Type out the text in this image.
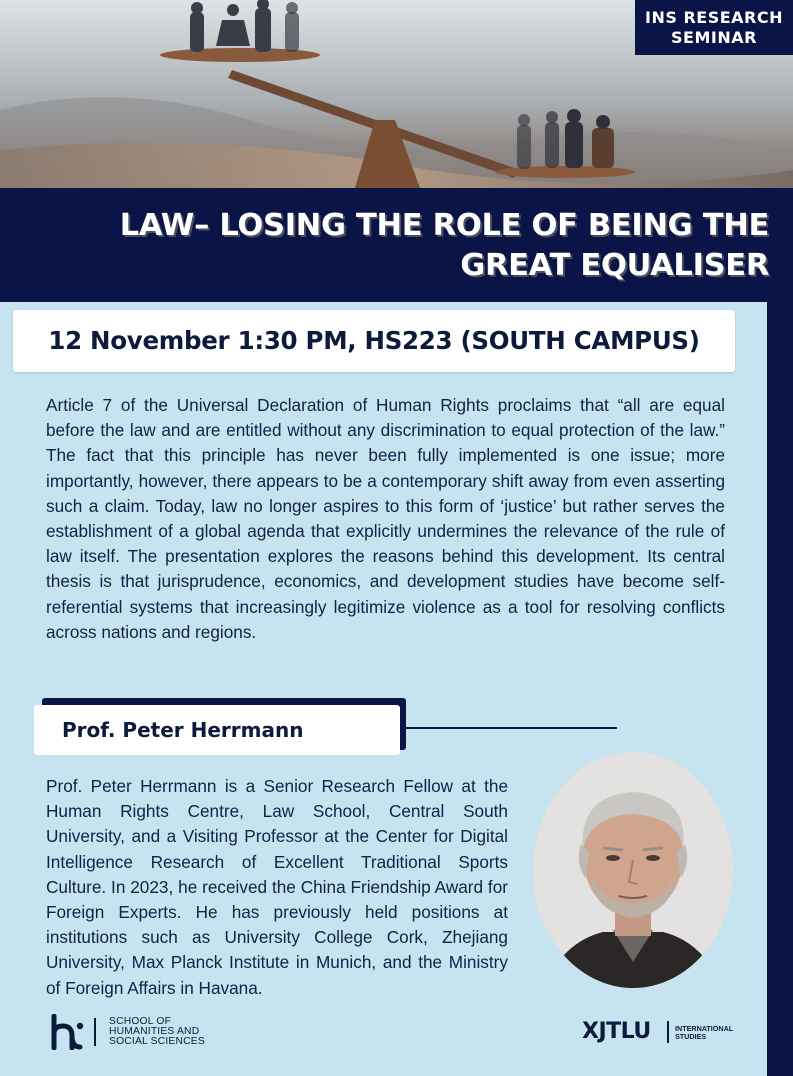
INS RESEARCH
SEMINAR
LAW– LOSING THE ROLE OF BEING THE GREAT EQUALISER
12 November 1:30 PM, HS223 (SOUTH CAMPUS)

Article 7 of the Universal Declaration of Human Rights proclaims that “all are equal before the law and are entitled without any discrimination to equal protection of the law.” The fact that this principle has never been fully implemented is one issue; more importantly, however, there appears to be a contemporary shift away from even asserting such a claim. Today, law no longer aspires to this form of ‘justice’ but rather serves the establishment of a global agenda that explicitly undermines the relevance of the rule of law itself. The presentation explores the reasons behind this development. Its central thesis is that jurisprudence, economics, and development studies have become self-referential systems that increasingly legitimize violence as a tool for resolving conflicts across nations and regions.

Prof. Peter Herrmann

Prof. Peter Herrmann is a Senior Research Fellow at the Human Rights Centre, Law School, Central South University, and a Visiting Professor at the Center for Digital Intelligence Research of Excellent Traditional Sports Culture. In 2023, he received the China Friendship Award for Foreign Experts. He has previously held positions at institutions such as University College Cork, Zhejiang University, Max Planck Institute in Munich, and the Ministry of Foreign Affairs in Havana.

SCHOOL OF
HUMANITIES AND
SOCIAL SCIENCES	XJTLU	INTERNATIONAL
STUDIES
